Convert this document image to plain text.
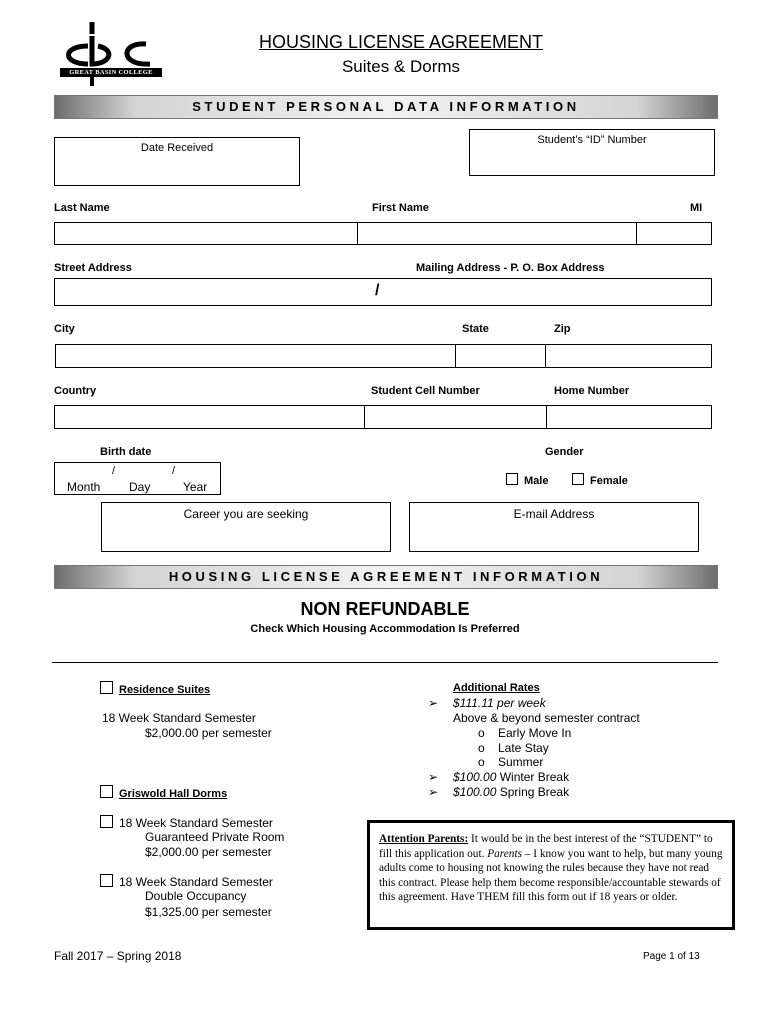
GREAT BASIN COLLEGE
HOUSING LICENSE AGREEMENT
Suites & Dorms
STUDENT PERSONAL DATA INFORMATION
Date Received
Student’s “ID” Number
Last Name	First Name	MI
Street Address	Mailing Address - P. O. Box Address
/
City	State	Zip
Country	Student Cell Number	Home Number
Birth date	Gender
/	/
Month Day	Year	Male	Female
Career you are seeking	E-mail Address
HOUSING LICENSE AGREEMENT INFORMATION
NON REFUNDABLE
Check Which Housing Accommodation Is Preferred
Residence Suites
18 Week Standard Semester
$2,000.00 per semester
Griswold Hall Dorms
18 Week Standard Semester
Guaranteed Private Room
$2,000.00 per semester
18 Week Standard Semester
Double Occupancy
$1,325.00 per semester
Additional Rates
➢ $111.11 per week
Above & beyond semester contract
o Early Move In
o Late Stay
o Summer
➢ $100.00 Winter Break
➢ $100.00 Spring Break
Attention Parents: It would be in the best interest of the “STUDENT” to fill this application out. Parents – I know you want to help, but many young adults come to housing not knowing the rules because they have not read this contract. Please help them become responsible/accountable stewards of this agreement. Have THEM fill this form out if 18 years or older.
Fall 2017 – Spring 2018	Page 1 of 13
